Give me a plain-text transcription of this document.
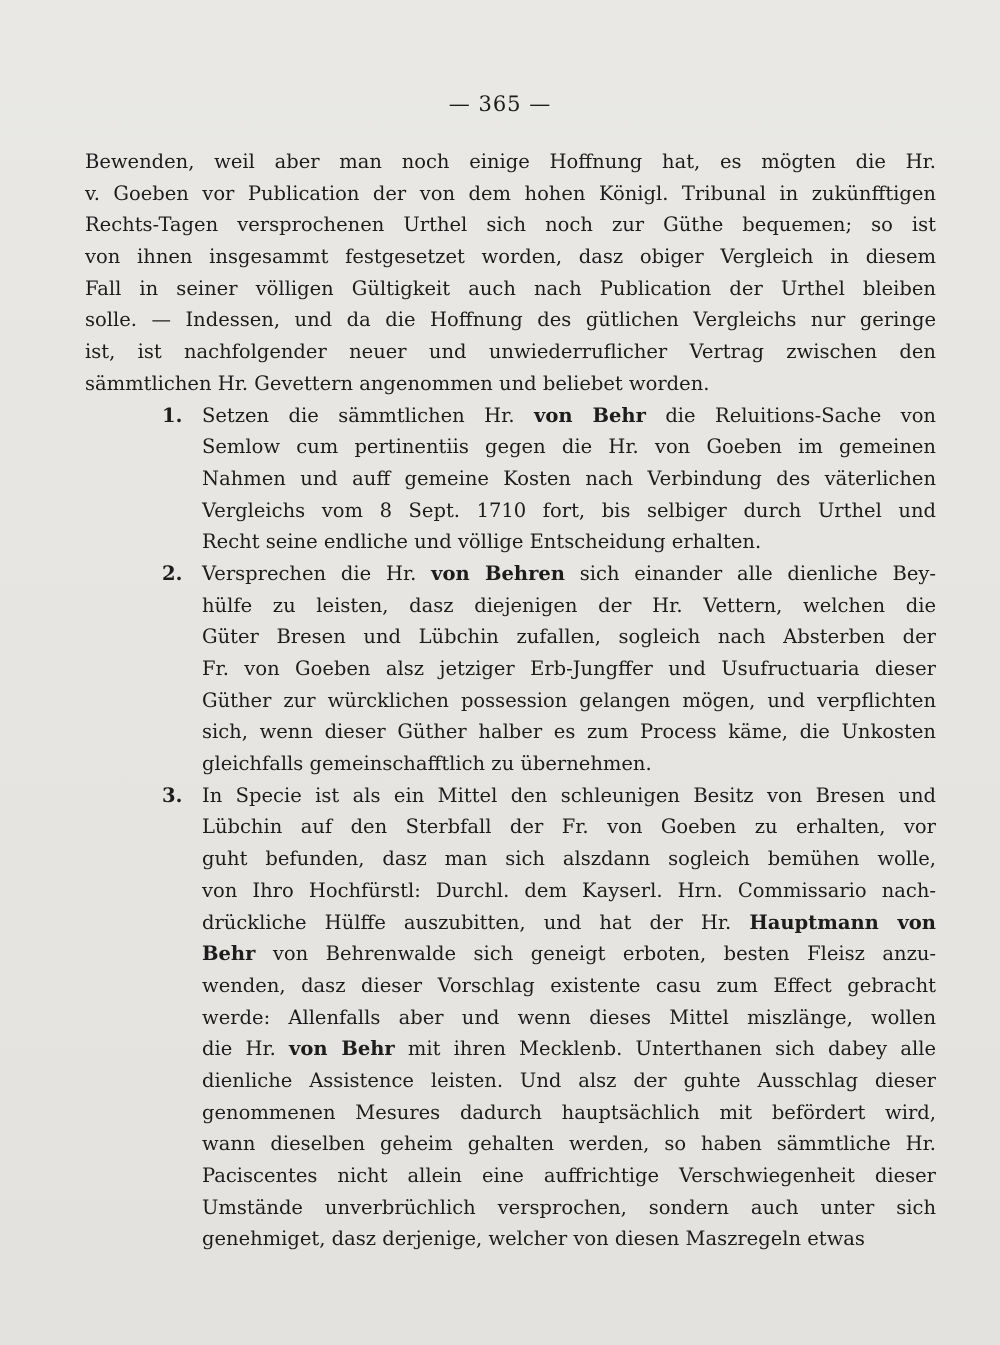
— 365 —
Bewenden, weil aber man noch einige Hoffnung hat, es mögten die Hr.
v. Goeben vor Publication der von dem hohen Königl. Tribunal in zukünfftigen
Rechts-Tagen versprochenen Urthel sich noch zur Güthe bequemen; so ist
von ihnen insgesammt festgesetzet worden, dasz obiger Vergleich in diesem
Fall in seiner völligen Gültigkeit auch nach Publication der Urthel bleiben
solle. — Indessen, und da die Hoffnung des gütlichen Vergleichs nur geringe
ist, ist nachfolgender neuer und unwiederruflicher Vertrag zwischen den
sämmtlichen Hr. Gevettern angenommen und beliebet worden.
1. Setzen die sämmtlichen Hr. von Behr die Reluitions-Sache von
Semlow cum pertinentiis gegen die Hr. von Goeben im gemeinen
Nahmen und auff gemeine Kosten nach Verbindung des väterlichen
Vergleichs vom 8 Sept. 1710 fort, bis selbiger durch Urthel und
Recht seine endliche und völlige Entscheidung erhalten.
2. Versprechen die Hr. von Behren sich einander alle dienliche Bey-
hülfe zu leisten, dasz diejenigen der Hr. Vettern, welchen die
Güter Bresen und Lübchin zufallen, sogleich nach Absterben der
Fr. von Goeben alsz jetziger Erb-Jungffer und Usufructuaria dieser
Güther zur würcklichen possession gelangen mögen, und verpflichten
sich, wenn dieser Güther halber es zum Process käme, die Unkosten
gleichfalls gemeinschafftlich zu übernehmen.
3. In Specie ist als ein Mittel den schleunigen Besitz von Bresen und
Lübchin auf den Sterbfall der Fr. von Goeben zu erhalten, vor
guht befunden, dasz man sich alszdann sogleich bemühen wolle,
von Ihro Hochfürstl: Durchl. dem Kayserl. Hrn. Commissario nach-
drückliche Hülffe auszubitten, und hat der Hr. Hauptmann von
Behr von Behrenwalde sich geneigt erboten, besten Fleisz anzu-
wenden, dasz dieser Vorschlag existente casu zum Effect gebracht
werde: Allenfalls aber und wenn dieses Mittel miszlänge, wollen
die Hr. von Behr mit ihren Mecklenb. Unterthanen sich dabey alle
dienliche Assistence leisten. Und alsz der guhte Ausschlag dieser
genommenen Mesures dadurch hauptsächlich mit befördert wird,
wann dieselben geheim gehalten werden, so haben sämmtliche Hr.
Paciscentes nicht allein eine auffrichtige Verschwiegenheit dieser
Umstände unverbrüchlich versprochen, sondern auch unter sich
genehmiget, dasz derjenige, welcher von diesen Maszregeln etwas
